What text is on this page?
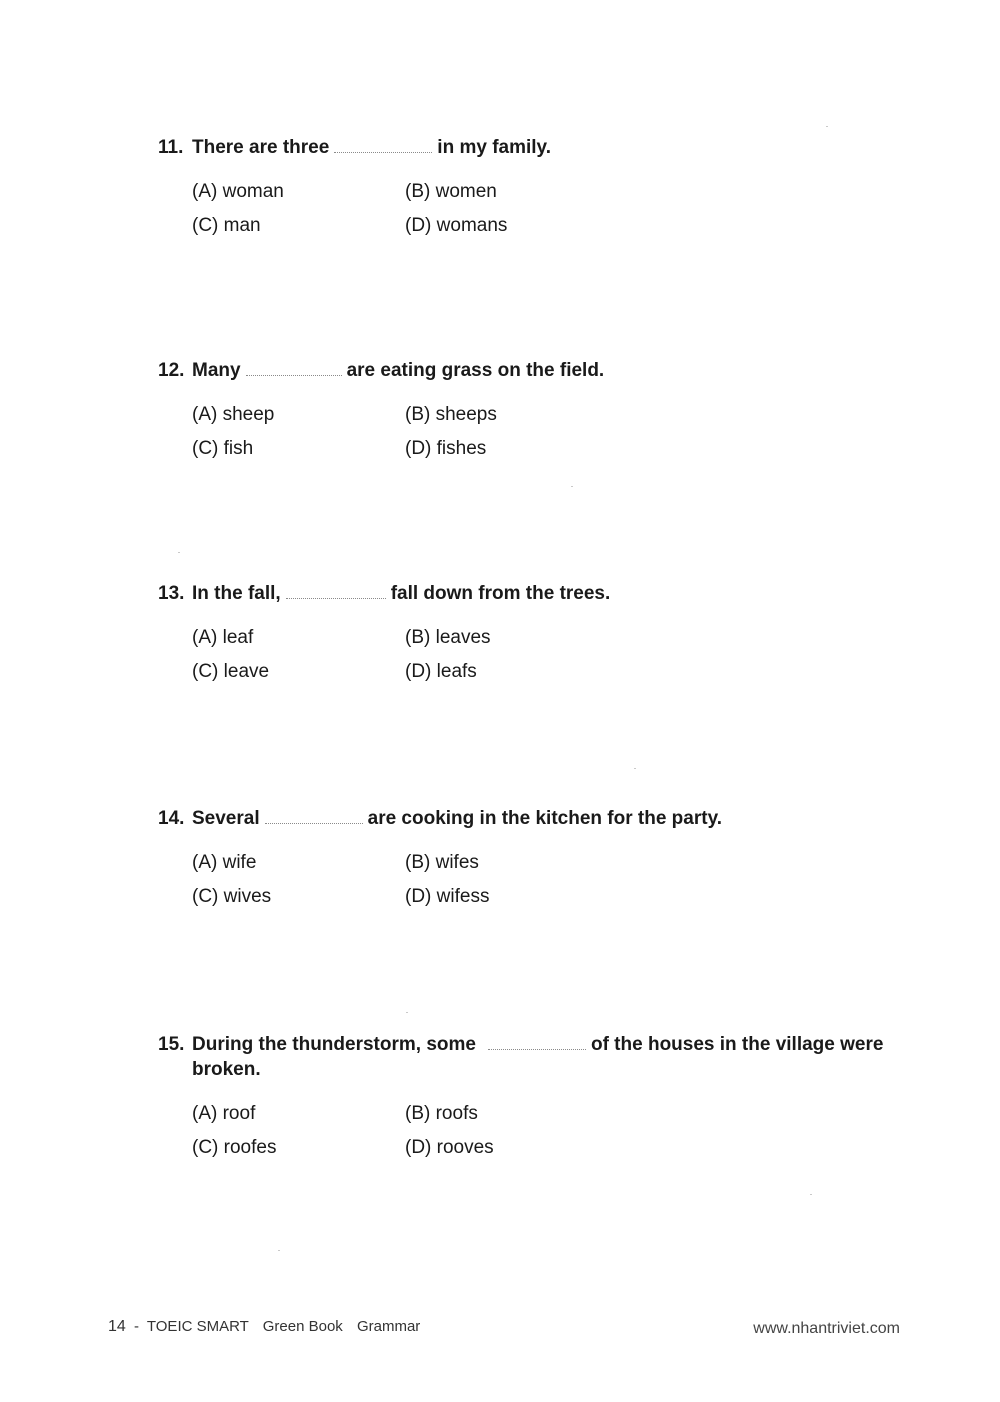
11. There are three	in my family.
(A) woman	(B) women
(C) man	(D) womans
12. Many	are eating grass on the field.
(A) sheep	(B) sheeps
(C) fish	(D) fishes
13. In the fall,	fall down from the trees.
(A) leaf	(B) leaves
(C) leave	(D) leafs
14. Several	are cooking in the kitchen for the party.
(A) wife	(B) wifes
(C) wives	(D) wifess
15. During the thunderstorm, some	of the houses in the village were broken.
(A) roof	(B) roofs
(C) roofes	(D) rooves
14 - TOEIC SMART Green Book Grammar	www.nhantriviet.com
